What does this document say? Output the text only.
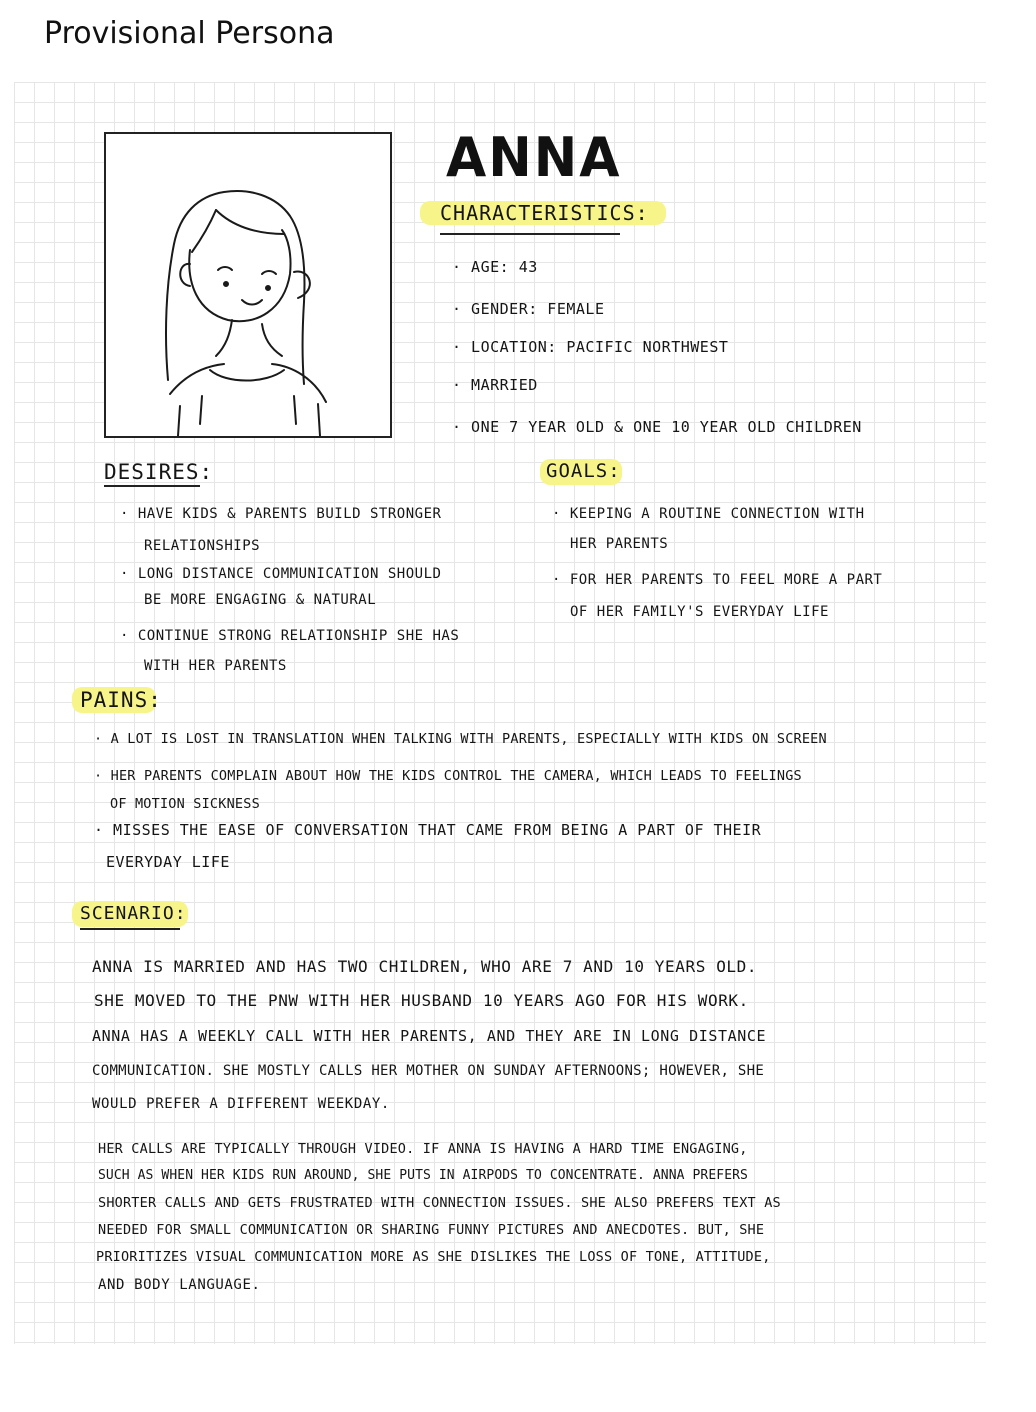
Provisional Persona
ANNA
CHARACTERISTICS:
· AGE: 43
· GENDER: FEMALE
· LOCATION: PACIFIC NORTHWEST
· MARRIED
· ONE 7 YEAR OLD & ONE 10 YEAR OLD CHILDREN
DESIRES:
· HAVE KIDS & PARENTS BUILD STRONGER
RELATIONSHIPS
· LONG DISTANCE COMMUNICATION SHOULD
BE MORE ENGAGING & NATURAL
· CONTINUE STRONG RELATIONSHIP SHE HAS
WITH HER PARENTS
GOALS:
· KEEPING A ROUTINE CONNECTION WITH
HER PARENTS
· FOR HER PARENTS TO FEEL MORE A PART
OF HER FAMILY'S EVERYDAY LIFE
PAINS:
· A LOT IS LOST IN TRANSLATION WHEN TALKING WITH PARENTS, ESPECIALLY WITH KIDS ON SCREEN
· HER PARENTS COMPLAIN ABOUT HOW THE KIDS CONTROL THE CAMERA, WHICH LEADS TO FEELINGS
OF MOTION SICKNESS
· MISSES THE EASE OF CONVERSATION THAT CAME FROM BEING A PART OF THEIR
EVERYDAY LIFE
SCENARIO:
ANNA IS MARRIED AND HAS TWO CHILDREN, WHO ARE 7 AND 10 YEARS OLD.
SHE MOVED TO THE PNW WITH HER HUSBAND 10 YEARS AGO FOR HIS WORK.
ANNA HAS A WEEKLY CALL WITH HER PARENTS, AND THEY ARE IN LONG DISTANCE
COMMUNICATION. SHE MOSTLY CALLS HER MOTHER ON SUNDAY AFTERNOONS; HOWEVER, SHE
WOULD PREFER A DIFFERENT WEEKDAY.
HER CALLS ARE TYPICALLY THROUGH VIDEO. IF ANNA IS HAVING A HARD TIME ENGAGING,
SUCH AS WHEN HER KIDS RUN AROUND, SHE PUTS IN AIRPODS TO CONCENTRATE. ANNA PREFERS
SHORTER CALLS AND GETS FRUSTRATED WITH CONNECTION ISSUES. SHE ALSO PREFERS TEXT AS
NEEDED FOR SMALL COMMUNICATION OR SHARING FUNNY PICTURES AND ANECDOTES. BUT, SHE
PRIORITIZES VISUAL COMMUNICATION MORE AS SHE DISLIKES THE LOSS OF TONE, ATTITUDE,
AND BODY LANGUAGE.
